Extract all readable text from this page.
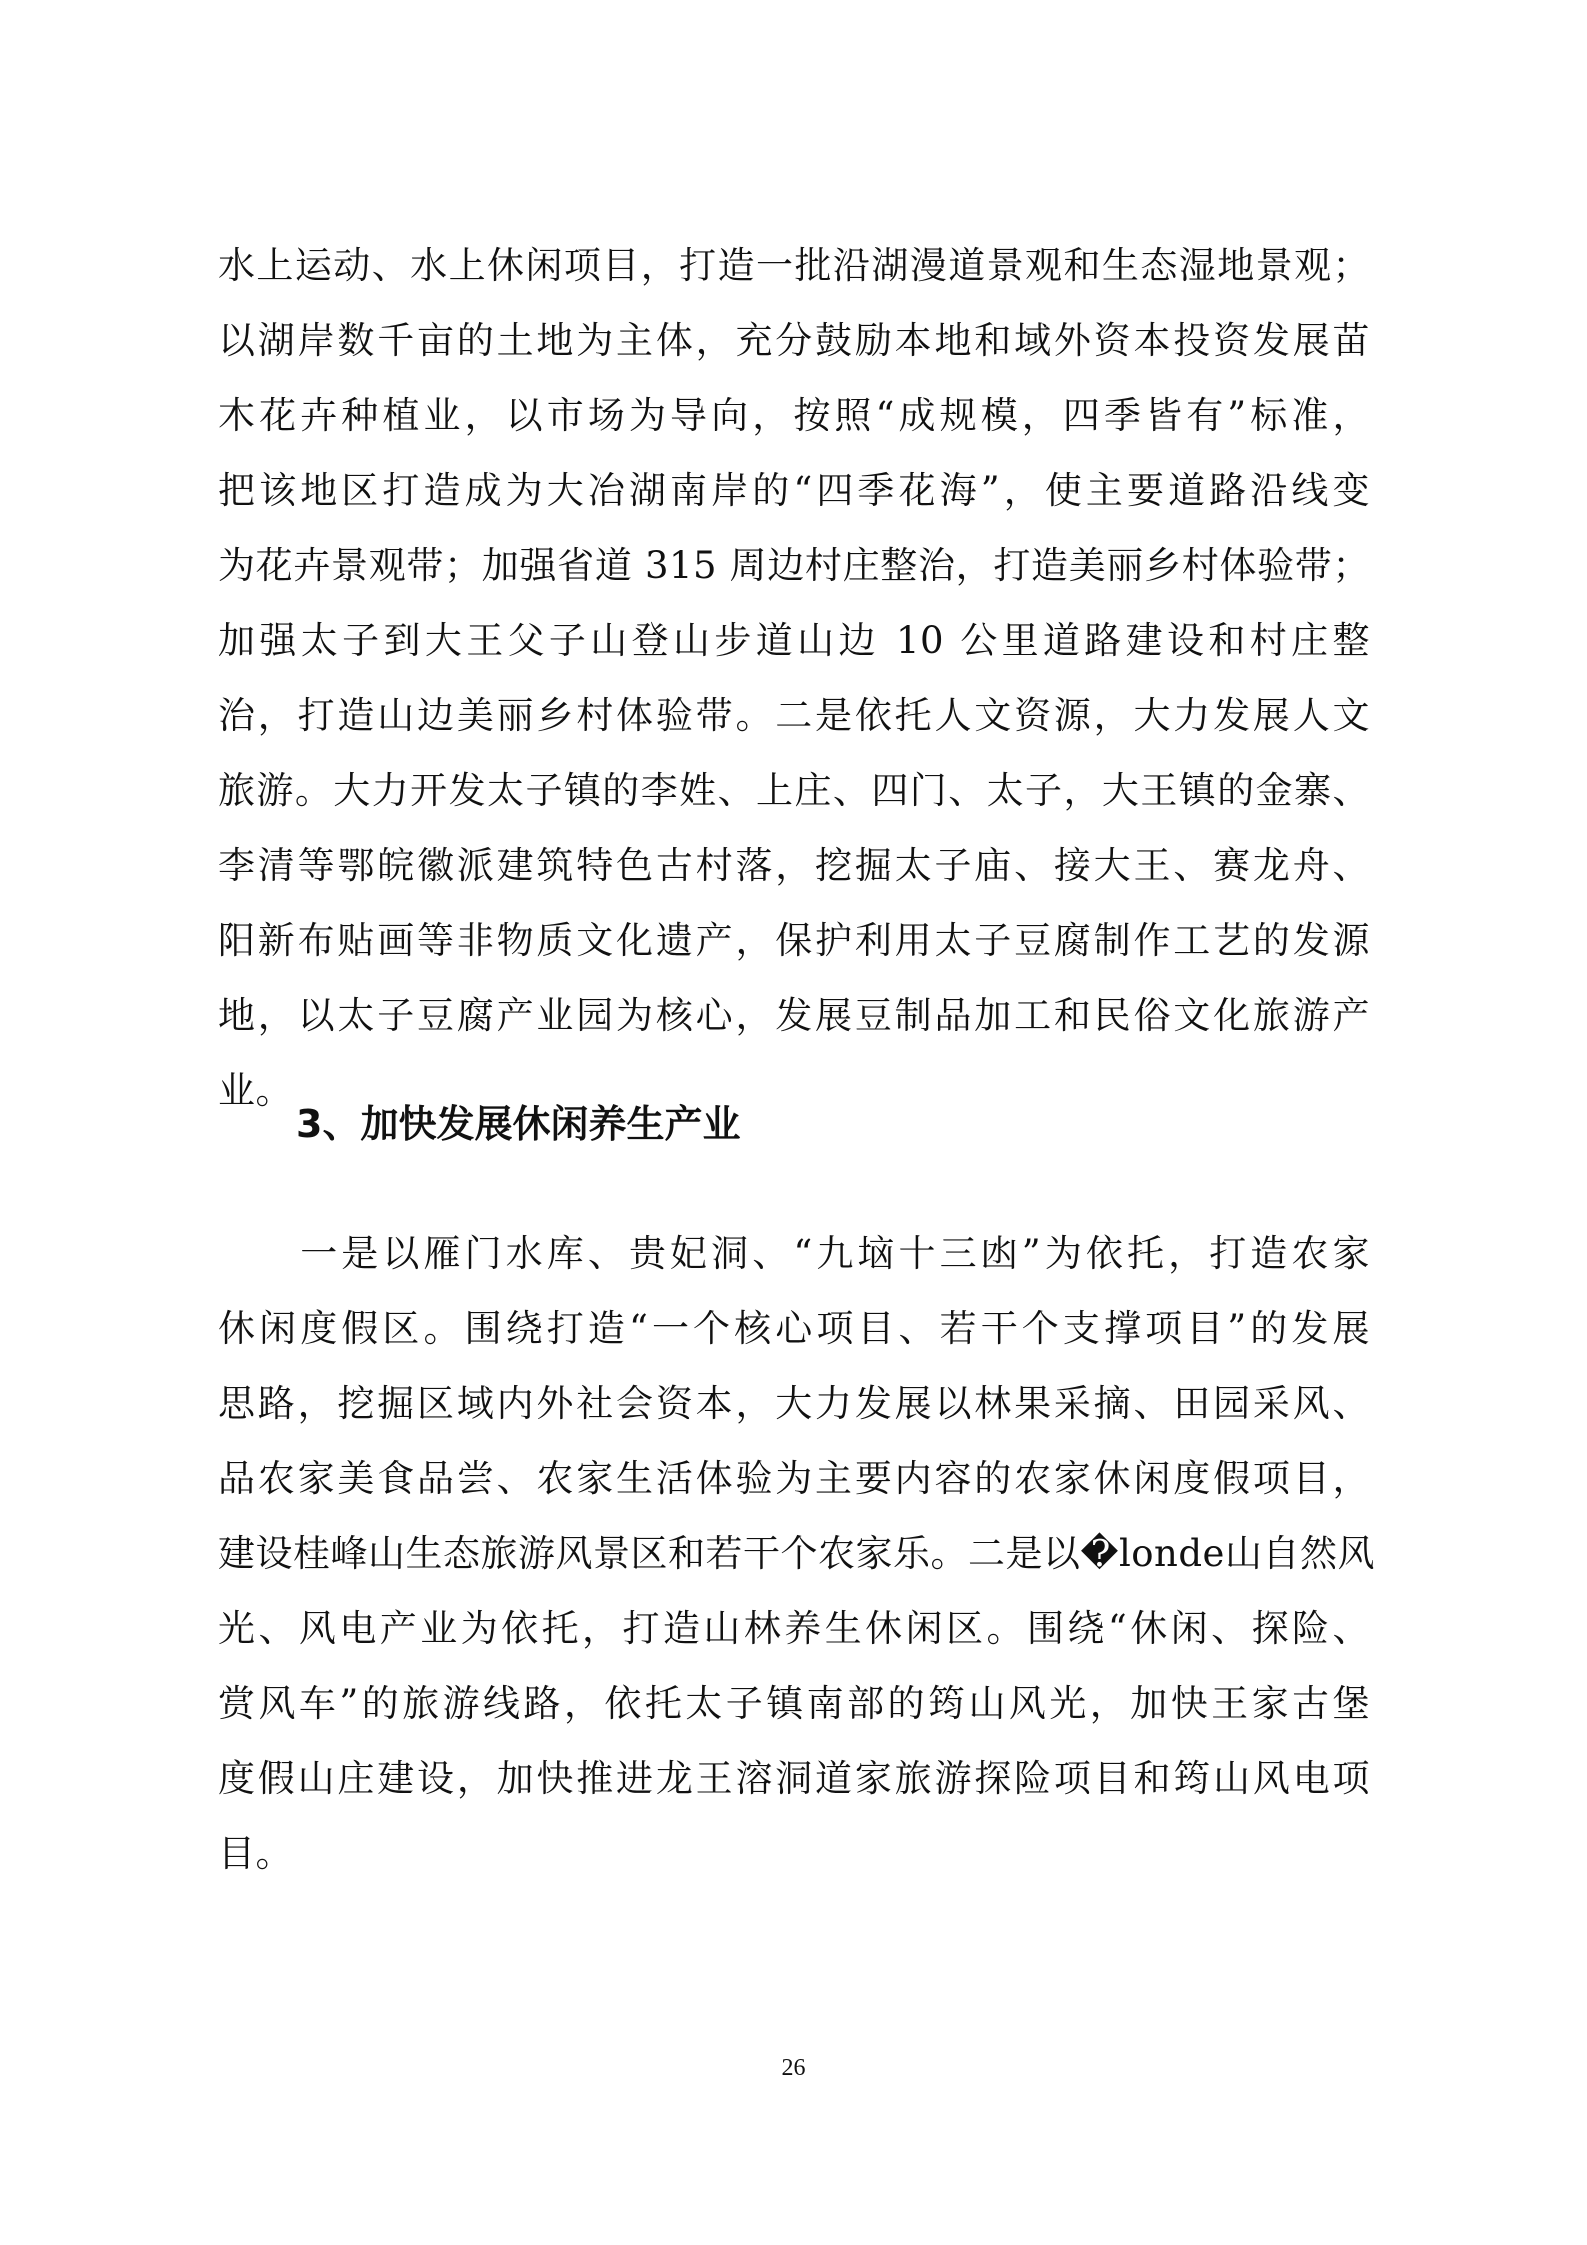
水上运动、水上休闲项目，打造一批沿湖漫道景观和生态湿地景观；
以湖岸数千亩的土地为主体，充分鼓励本地和域外资本投资发展苗
木花卉种植业，以市场为导向，按照“成规模，四季皆有”标准，
把该地区打造成为大冶湖南岸的“四季花海”，使主要道路沿线变
为花卉景观带；加强省道 315 周边村庄整治，打造美丽乡村体验带；
加强太子到大王父子山登山步道山边 10 公里道路建设和村庄整
治，打造山边美丽乡村体验带。二是依托人文资源，大力发展人文
旅游。大力开发太子镇的李姓、上庄、四门、太子，大王镇的金寨、
李清等鄂皖徽派建筑特色古村落，挖掘太子庙、接大王、赛龙舟、
阳新布贴画等非物质文化遗产，保护利用太子豆腐制作工艺的发源
地，以太子豆腐产业园为核心，发展豆制品加工和民俗文化旅游产
业。
3、加快发展休闲养生产业
　　一是以雁门水库、贵妃洞、“九垴十三凼”为依托，打造农家
休闲度假区。围绕打造“一个核心项目、若干个支撑项目”的发展
思路，挖掘区域内外社会资本，大力发展以林果采摘、田园采风、
品农家美食品尝、农家生活体验为主要内容的农家休闲度假项目，
建设桂峰山生态旅游风景区和若干个农家乐。二是以�londe山自然风
光、风电产业为依托，打造山林养生休闲区。围绕“休闲、探险、
赏风车”的旅游线路，依托太子镇南部的筠山风光，加快王家古堡
度假山庄建设，加快推进龙王溶洞道家旅游探险项目和筠山风电项
目。
26
